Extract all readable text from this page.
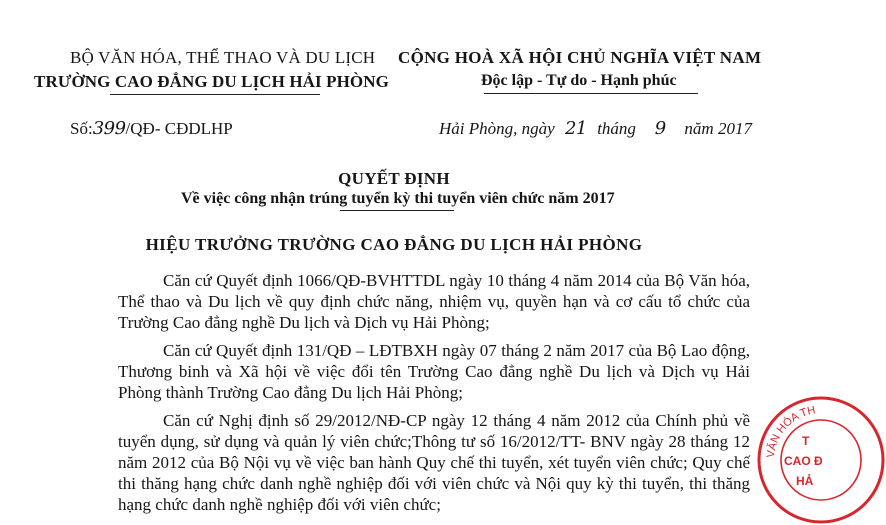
BỘ VĂN HÓA, THỂ THAO VÀ DU LỊCH
TRƯỜNG CAO ĐẲNG DU LỊCH HẢI PHÒNG
CỘNG HOÀ XÃ HỘI CHỦ NGHĨA VIỆT NAM
Độc lập - Tự do - Hạnh phúc
Số:399/QĐ- CĐDLHP	Hải Phòng, ngày 21 tháng 9 năm 2017
QUYẾT ĐỊNH
Về việc công nhận trúng tuyển kỳ thi tuyển viên chức năm 2017
HIỆU TRƯỞNG TRƯỜNG CAO ĐẲNG DU LỊCH HẢI PHÒNG

Căn cứ Quyết định 1066/QĐ-BVHTTDL ngày 10 tháng 4 năm 2014 của Bộ Văn hóa, Thể thao và Du lịch về quy định chức năng, nhiệm vụ, quyền hạn và cơ cấu tổ chức của Trường Cao đẳng nghề Du lịch và Dịch vụ Hải Phòng;

Căn cứ Quyết định 131/QĐ – LĐTBXH ngày 07 tháng 2 năm 2017 của Bộ Lao động, Thương binh và Xã hội về việc đổi tên Trường Cao đẳng nghề Du lịch và Dịch vụ Hải Phòng thành Trường Cao đẳng Du lịch Hải Phòng;

Căn cứ Nghị định số 29/2012/NĐ-CP ngày 12 tháng 4 năm 2012 của Chính phủ về tuyển dụng, sử dụng và quản lý viên chức;Thông tư số 16/2012/TT- BNV ngày 28 tháng 12 năm 2012 của Bộ Nội vụ về việc ban hành Quy chế thi tuyển, xét tuyển viên chức; Quy chế thi thăng hạng chức danh nghề nghiệp đối với viên chức và Nội quy kỳ thi tuyển, thi thăng hạng chức danh nghề nghiệp đối với viên chức;

VĂN HÓA TH
T
CAO Đ
HẢ
